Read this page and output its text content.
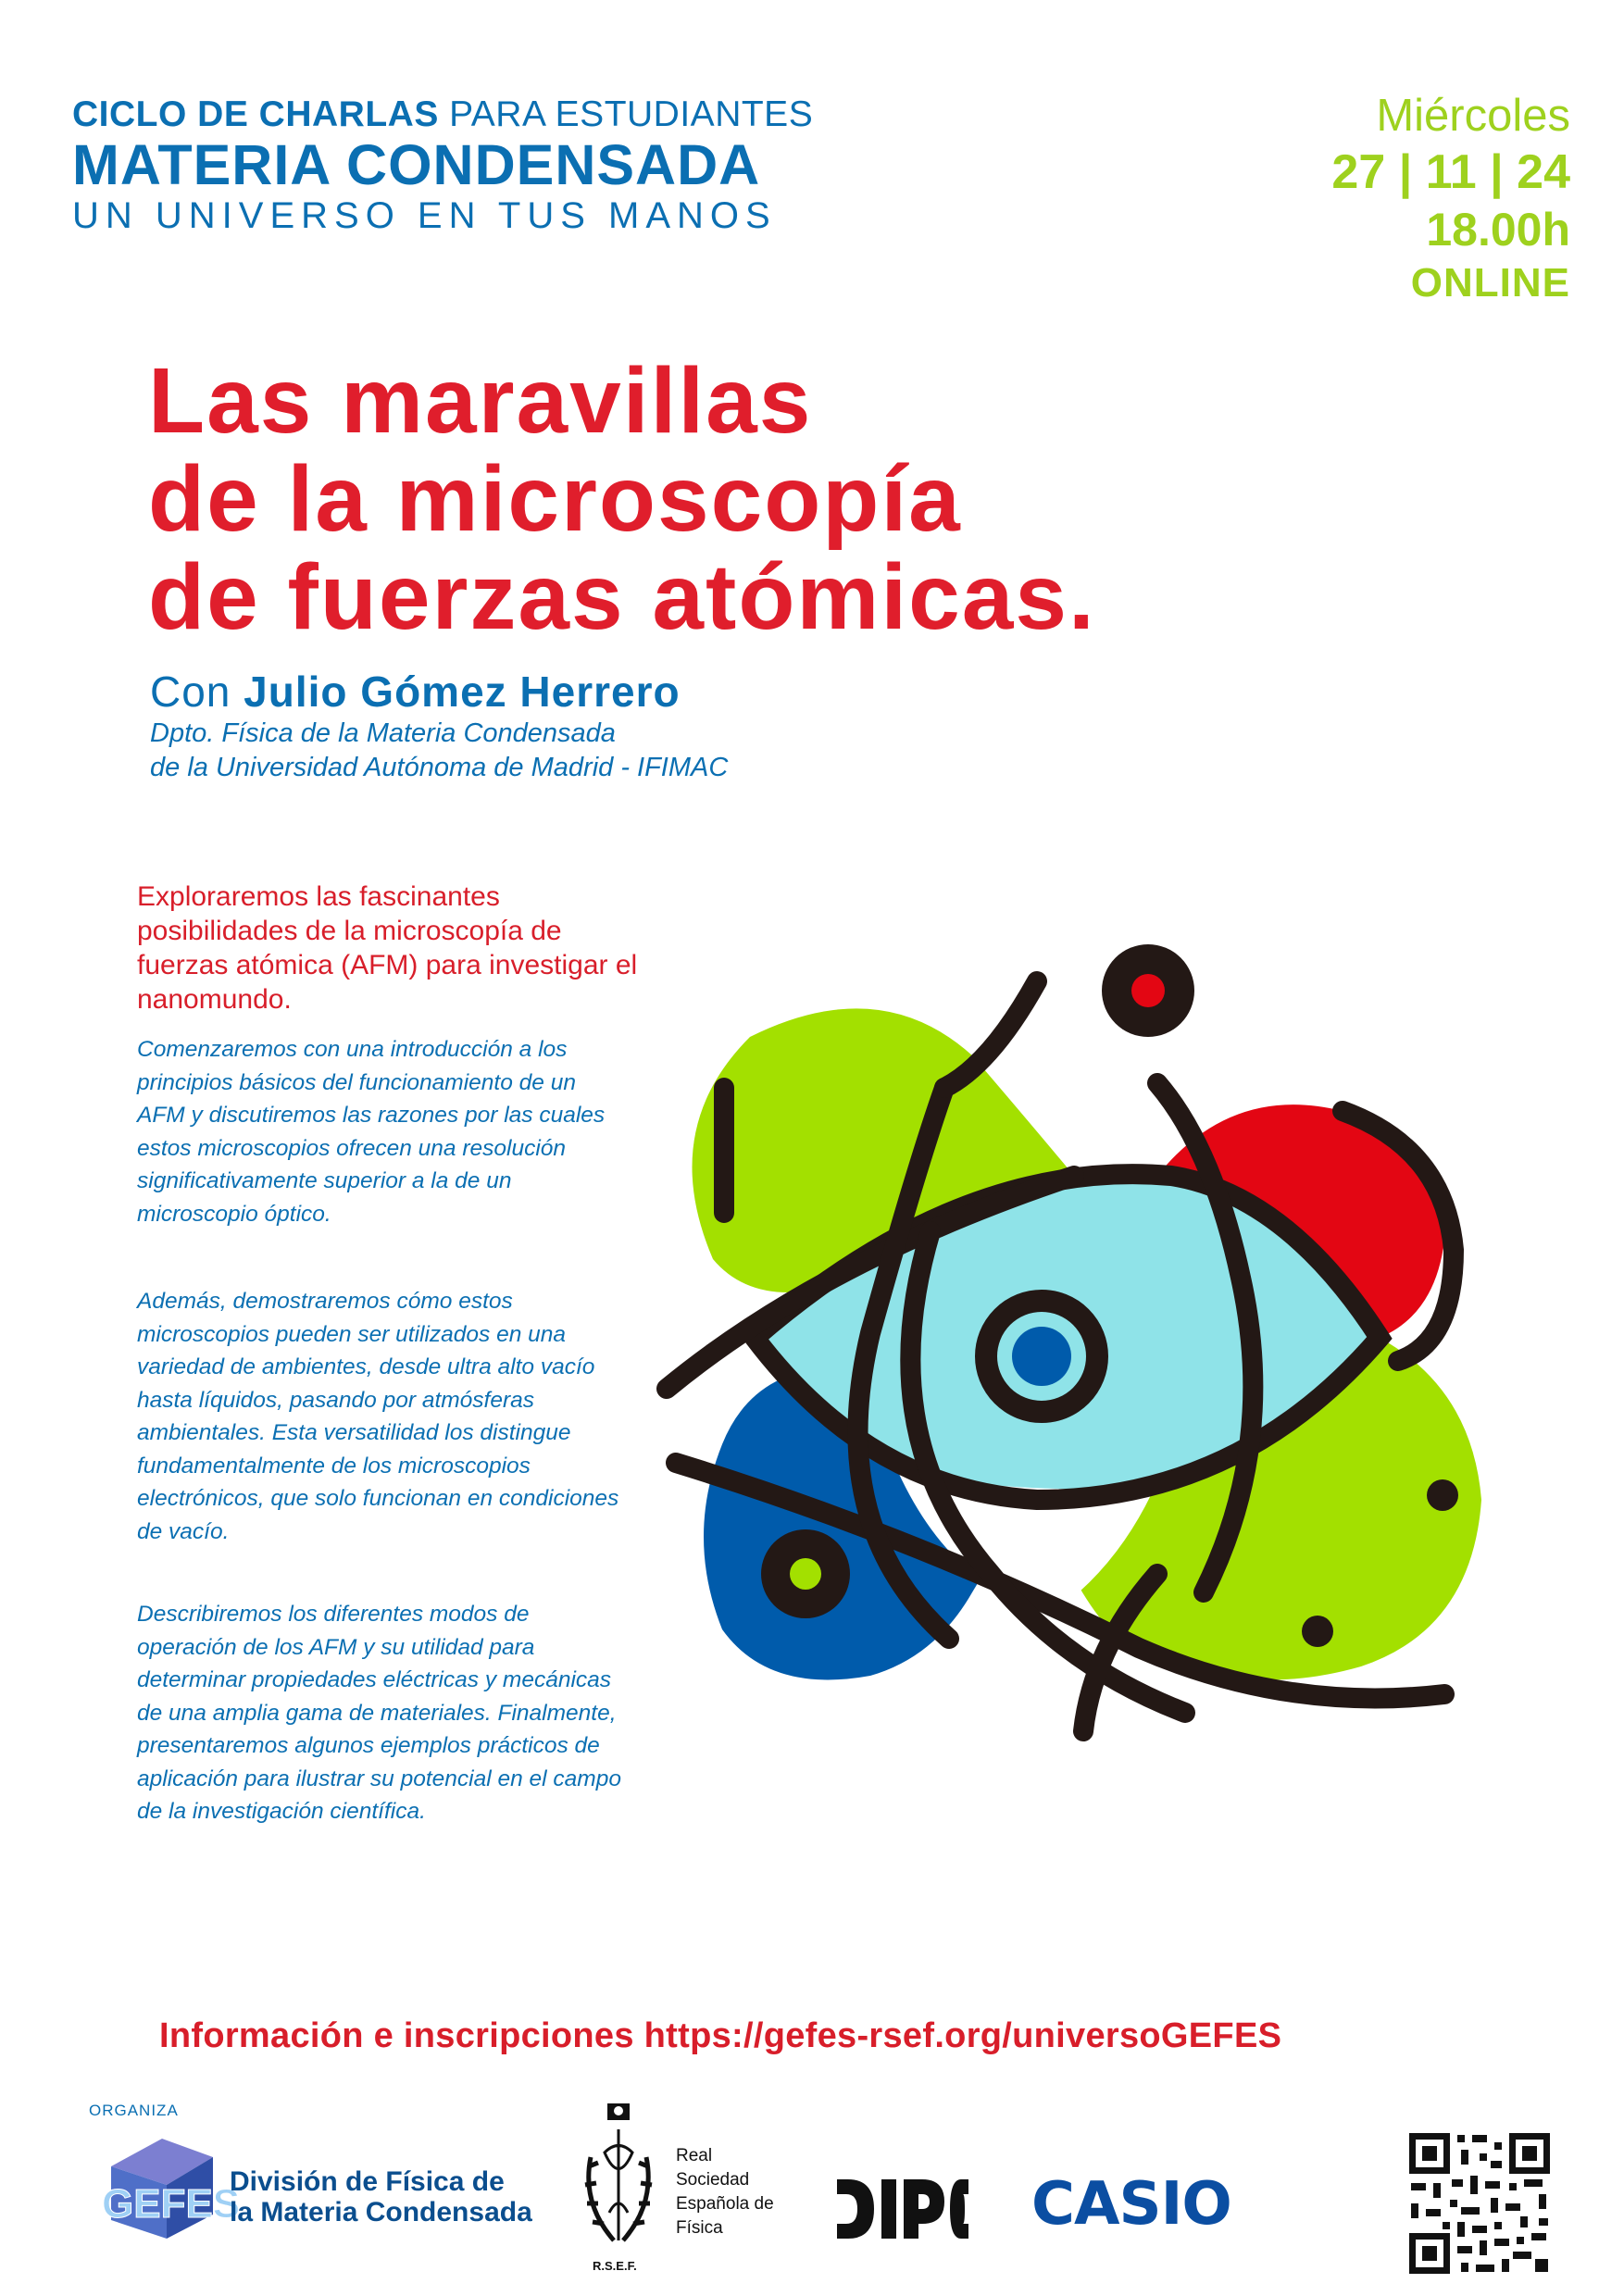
CICLO DE CHARLAS PARA ESTUDIANTES
MATERIA CONDENSADA
UN UNIVERSO EN TUS MANOS
Miércoles
27 | 11 | 24
18.00h
ONLINE
Las maravillas
de la microscopía
de fuerzas atómicas.
Con Julio Gómez Herrero
Dpto. Física de la Materia Condensada
de la Universidad Autónoma de Madrid - IFIMAC
Exploraremos las fascinantes posibilidades de la microscopía de fuerzas atómica (AFM) para investigar el nanomundo.
Comenzaremos con una introducción a los principios básicos del funcionamiento de un AFM y discutiremos las razones por las cuales estos microscopios ofrecen una resolución significativamente superior a la de un microscopio óptico.
Además, demostraremos cómo estos microscopios pueden ser utilizados en una variedad de ambientes, desde ultra alto vacío hasta líquidos, pasando por atmósferas ambientales. Esta versatilidad los distingue fundamentalmente de los microscopios electrónicos, que solo funcionan en condiciones de vacío.
Describiremos los diferentes modos de operación de los AFM y su utilidad para determinar propiedades eléctricas y mecánicas de una amplia gama de materiales. Finalmente, presentaremos algunos ejemplos prácticos de aplicación para ilustrar su potencial en el campo de la investigación científica.
Información e inscripciones https://gefes-rsef.org/universoGEFES
ORGANIZA
GEFES
División de Física de
la Materia Condensada
Real
Sociedad
Española de
Física
R.S.E.F.
CASIO
